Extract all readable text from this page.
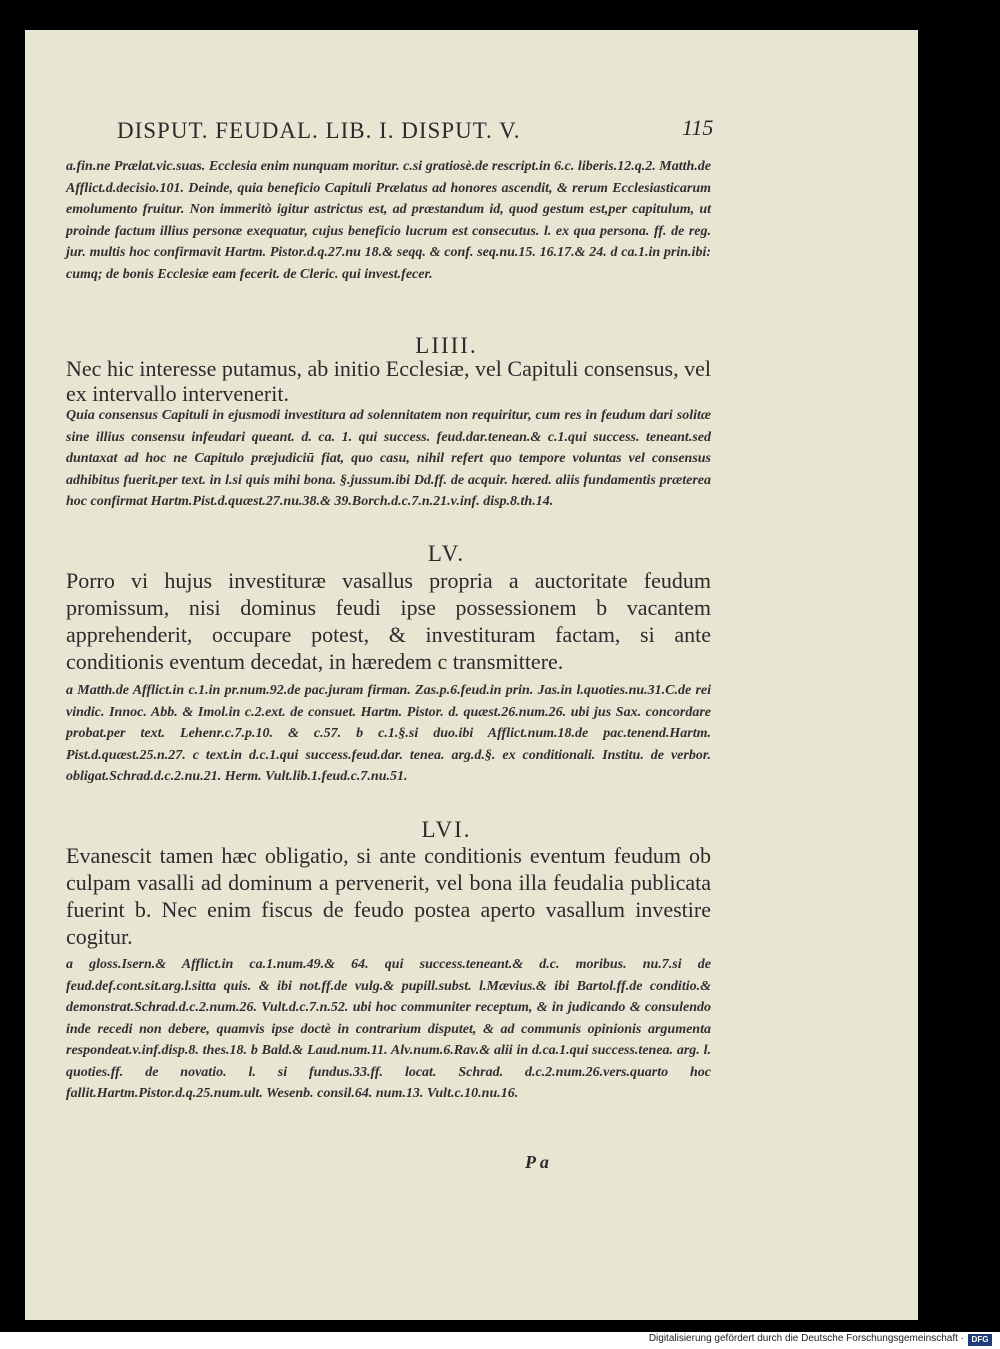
DISPUT. FEUDAL. LIB. I. DISPUT. V.	115
a.fin.ne Prælat.vic.suas. Ecclesia enim nunquam moritur. c.si gratiosè.de rescript.in 6.c. liberis.12.q.2. Matth.de Afflict.d.decisio.101. Deinde, quia beneficio Capituli Prælatus ad honores ascendit, & rerum Ecclesiasticarum emolumento fruitur. Non immeritò igitur astrictus est, ad præstandum id, quod gestum est,per capitulum, ut proinde factum illius personæ exequatur, cujus beneficio lucrum est consecutus. l. ex qua persona. ff. de reg. jur. multis hoc confirmavit Hartm. Pistor.d.q.27.nu 18.& seqq. & conf. seq.nu.15. 16.17.& 24. d ca.1.in prin.ibi: cumq; de bonis Ecclesiæ eam fecerit. de Cleric. qui invest.fecer.
LIIII.
Nec hic interesse putamus, ab initio Ecclesiæ, vel Capituli consensus, vel ex intervallo intervenerit.
Quia consensus Capituli in ejusmodi investitura ad solennitatem non requiritur, cum res in feudum dari solitæ sine illius consensu infeudari queant. d. ca. 1. qui success. feud.dar.tenean.& c.1.qui success. teneant.sed duntaxat ad hoc ne Capitulo præjudiciū fiat, quo casu, nihil refert quo tempore voluntas vel consensus adhibitus fuerit.per text. in l.si quis mihi bona. §.jussum.ibi Dd.ff. de acquir. hæred. aliis fundamentis præterea hoc confirmat Hartm.Pist.d.quæst.27.nu.38.& 39.Borch.d.c.7.n.21.v.inf. disp.8.th.14.
LV.
Porro vi hujus investituræ vasallus propria a auctoritate feudum promissum, nisi dominus feudi ipse possessionem b vacantem apprehenderit, occupare potest, & investituram factam, si ante conditionis eventum decedat, in hæredem c transmittere.
a Matth.de Afflict.in c.1.in pr.num.92.de pac.juram firman. Zas.p.6.feud.in prin. Jas.in l.quoties.nu.31.C.de rei vindic. Innoc. Abb. & Imol.in c.2.ext. de consuet. Hartm. Pistor. d. quæst.26.num.26. ubi jus Sax. concordare probat.per text. Lehenr.c.7.p.10. & c.57. b c.1.§.si duo.ibi Afflict.num.18.de pac.tenend.Hartm. Pist.d.quæst.25.n.27. c text.in d.c.1.qui success.feud.dar. tenea. arg.d.§. ex conditionali. Institu. de verbor. obligat.Schrad.d.c.2.nu.21. Herm. Vult.lib.1.feud.c.7.nu.51.
LVI.
Evanescit tamen hæc obligatio, si ante conditionis eventum feudum ob culpam vasalli ad dominum a pervenerit, vel bona illa feudalia publicata fuerint b. Nec enim fiscus de feudo postea aperto vasallum investire cogitur.
a gloss.Isern.& Afflict.in ca.1.num.49.& 64. qui success.teneant.& d.c. moribus. nu.7.si de feud.def.cont.sit.arg.l.sitta quis. & ibi not.ff.de vulg.& pupill.subst. l.Mævius.& ibi Bartol.ff.de conditio.& demonstrat.Schrad.d.c.2.num.26. Vult.d.c.7.n.52. ubi hoc communiter receptum, & in judicando & consulendo inde recedi non debere, quamvis ipse doctè in contrarium disputet, & ad communis opinionis argumenta respondeat.v.inf.disp.8. thes.18. b Bald.& Laud.num.11. Alv.num.6.Rav.& alii in d.ca.1.qui success.tenea. arg. l. quoties.ff. de novatio. l. si fundus.33.ff. locat. Schrad. d.c.2.num.26.vers.quarto hoc fallit.Hartm.Pistor.d.q.25.num.ult. Wesenb. consil.64. num.13. Vult.c.10.nu.16.
P a
Digitalisierung gefördert durch die Deutsche Forschungsgemeinschaft · DFG
